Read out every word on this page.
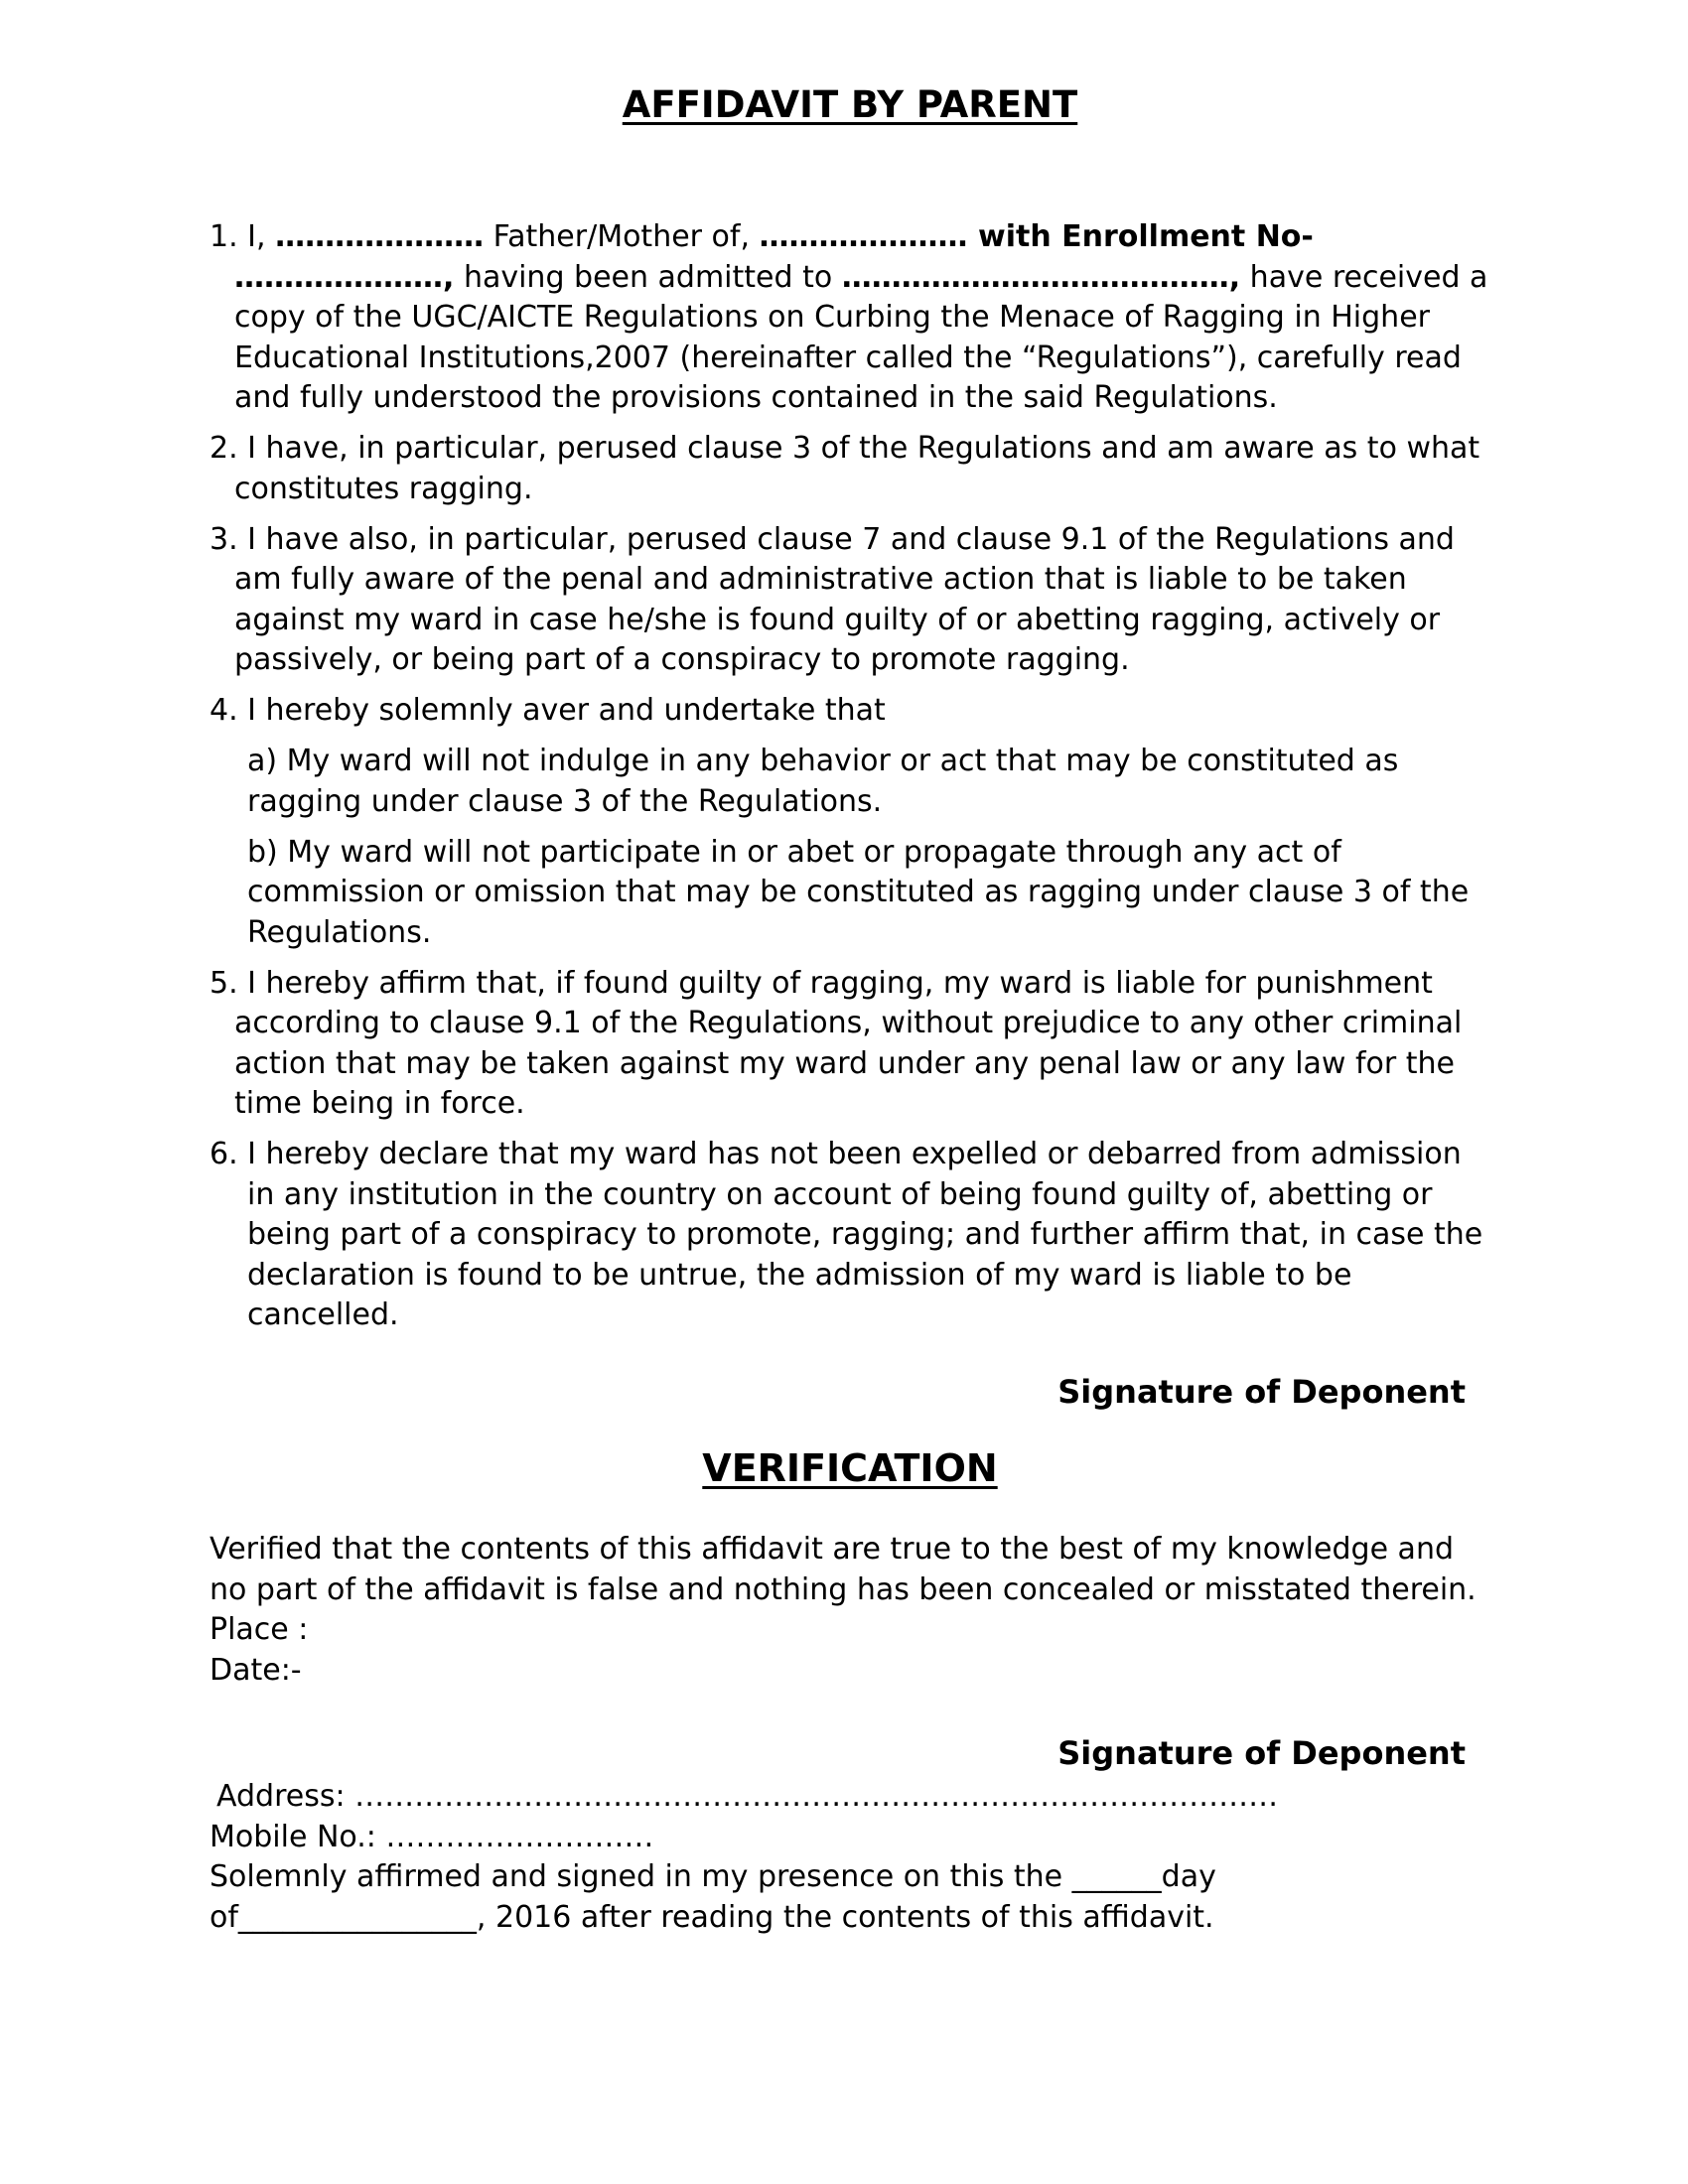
AFFIDAVIT BY PARENT

1. I, ………………… Father/Mother of, ………………… with Enrollment No- …………………, having been admitted to …………………………………, have received a copy of the UGC/AICTE Regulations on Curbing the Menace of Ragging in Higher Educational Institutions,2007 (hereinafter called the “Regulations”), carefully read and fully understood the provisions contained in the said Regulations.

2. I have, in particular, perused clause 3 of the Regulations and am aware as to what constitutes ragging.

3. I have also, in particular, perused clause 7 and clause 9.1 of the Regulations and am fully aware of the penal and administrative action that is liable to be taken against my ward in case he/she is found guilty of or abetting ragging, actively or passively, or being part of a conspiracy to promote ragging.

4. I hereby solemnly aver and undertake that

a) My ward will not indulge in any behavior or act that may be constituted as ragging under clause 3 of the Regulations.

b) My ward will not participate in or abet or propagate through any act of commission or omission that may be constituted as ragging under clause 3 of the Regulations.

5. I hereby affirm that, if found guilty of ragging, my ward is liable for punishment according to clause 9.1 of the Regulations, without prejudice to any other criminal action that may be taken against my ward under any penal law or any law for the time being in force.

6. I hereby declare that my ward has not been expelled or debarred from admission in any institution in the country on account of being found guilty of, abetting or being part of a conspiracy to promote, ragging; and further affirm that, in case the declaration is found to be untrue, the admission of my ward is liable to be cancelled.

Signature of Deponent
VERIFICATION

Verified that the contents of this affidavit are true to the best of my knowledge and no part of the affidavit is false and nothing has been concealed or misstated therein.

Place :

Date:-

Signature of Deponent

Address: …………………………………………………………………………………

Mobile No.: ………………………

Solemnly affirmed and signed in my presence on this the ______day

of________________, 2016 after reading the contents of this affidavit.
